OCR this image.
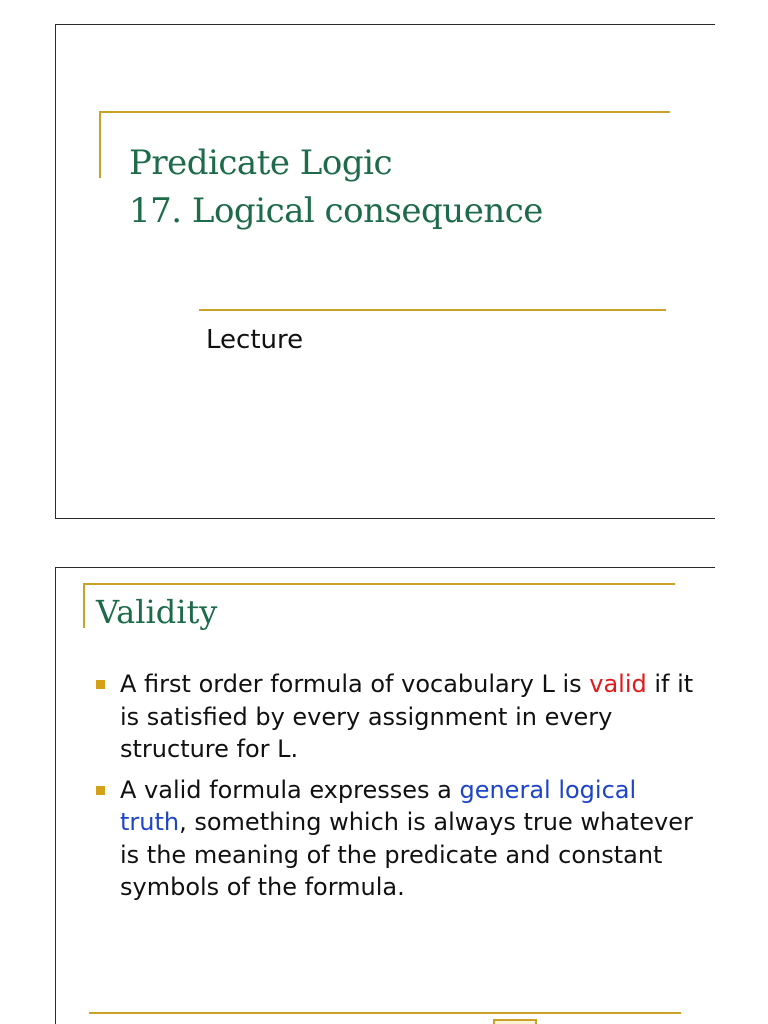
Predicate Logic
17. Logical consequence
Lecture
Validity
A first order formula of vocabulary L is valid if it is satisfied by every assignment in every structure for L.
A valid formula expresses a general logical truth, something which is always true whatever is the meaning of the predicate and constant symbols of the formula.
